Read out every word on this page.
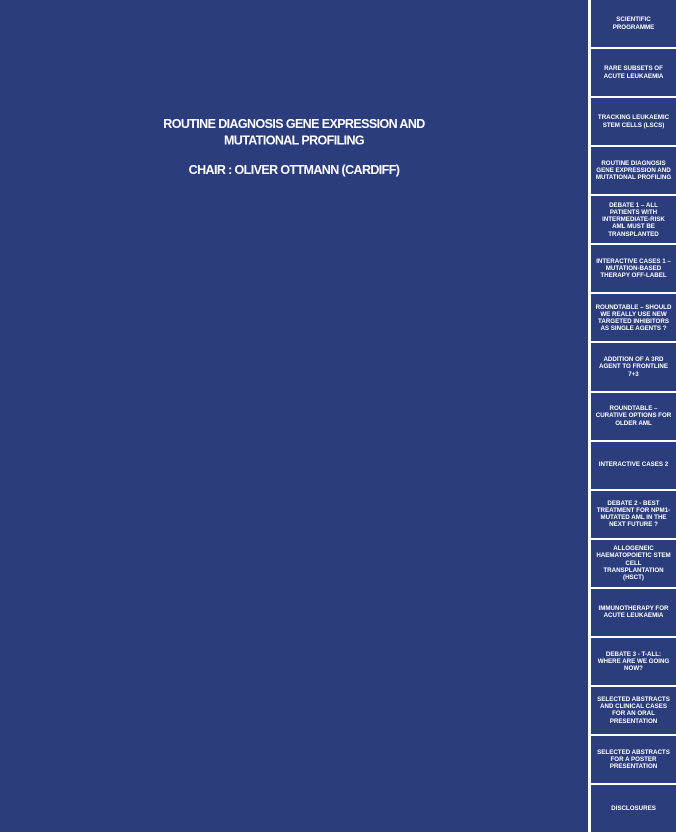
ROUTINE DIAGNOSIS GENE EXPRESSION AND MUTATIONAL PROFILING
CHAIR : OLIVER OTTMANN (CARDIFF)
SCIENTIFIC PROGRAMME
RARE SUBSETS OF ACUTE LEUKAEMIA
TRACKING LEUKAEMIC STEM CELLS (LSCS)
ROUTINE DIAGNOSIS GENE EXPRESSION AND MUTATIONAL PROFILING
DEBATE 1 – ALL PATIENTS WITH INTERMEDIATE-RISK AML MUST BE TRANSPLANTED
INTERACTIVE CASES 1 – MUTATION-BASED THERAPY OFF-LABEL
ROUNDTABLE – SHOULD WE REALLY USE NEW TARGETED INHIBITORS AS SINGLE AGENTS ?
ADDITION OF A 3RD AGENT TO FRONTLINE 7+3
ROUNDTABLE – CURATIVE OPTIONS FOR OLDER AML
INTERACTIVE CASES 2
DEBATE 2 - BEST TREATMENT FOR NPM1-MUTATED AML IN THE NEXT FUTURE ?
ALLOGENEIC HAEMATOPOIETIC STEM CELL TRANSPLANTATION (HSCT)
IMMUNOTHERAPY FOR ACUTE LEUKAEMIA
DEBATE 3 - T-ALL: WHERE ARE WE GOING NOW?
SELECTED ABSTRACTS AND CLINICAL CASES FOR AN ORAL PRESENTATION
SELECTED ABSTRACTS FOR A POSTER PRESENTATION
DISCLOSURES
